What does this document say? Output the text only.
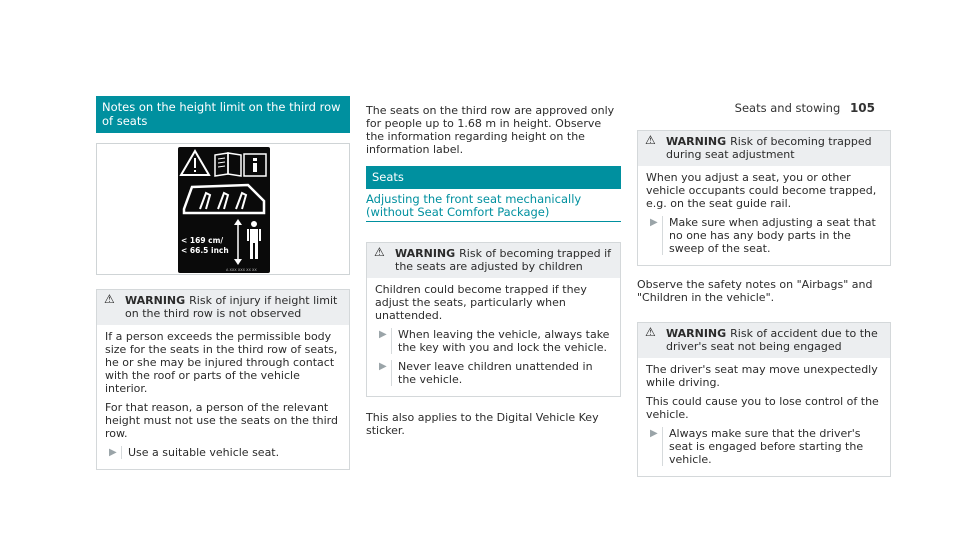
Seats and stowing 105
Notes on the height limit on the third row of seats
< 169 cm/
< 66.5 inch
A XXX XXX XX XX
⚠ WARNING Risk of injury if height limit on the third row is not observed

If a person exceeds the permissible body size for the seats in the third row of seats, he or she may be injured through contact with the roof or parts of the vehicle interior.

For that reason, a person of the relevant height must not use the seats on the third row.

▶	Use a suitable vehicle seat.

The seats on the third row are approved only for people up to 1.68 m in height. Observe the information regarding height on the information label.

Seats
Adjusting the front seat mechanically (without Seat Comfort Package)
⚠ WARNING Risk of becoming trapped if the seats are adjusted by children

Children could become trapped if they adjust the seats, particularly when unattended.

▶	When leaving the vehicle, always take the key with you and lock the vehicle.
▶	Never leave children unattended in the vehicle.

This also applies to the Digital Vehicle Key sticker.

⚠ WARNING Risk of becoming trapped during seat adjustment

When you adjust a seat, you or other vehicle occupants could become trapped, e.g. on the seat guide rail.

▶	Make sure when adjusting a seat that no one has any body parts in the sweep of the seat.

Observe the safety notes on "Airbags" and "Children in the vehicle".

⚠ WARNING Risk of accident due to the driver's seat not being engaged

The driver's seat may move unexpectedly while driving.

This could cause you to lose control of the vehicle.

▶	Always make sure that the driver's seat is engaged before starting the vehicle.
